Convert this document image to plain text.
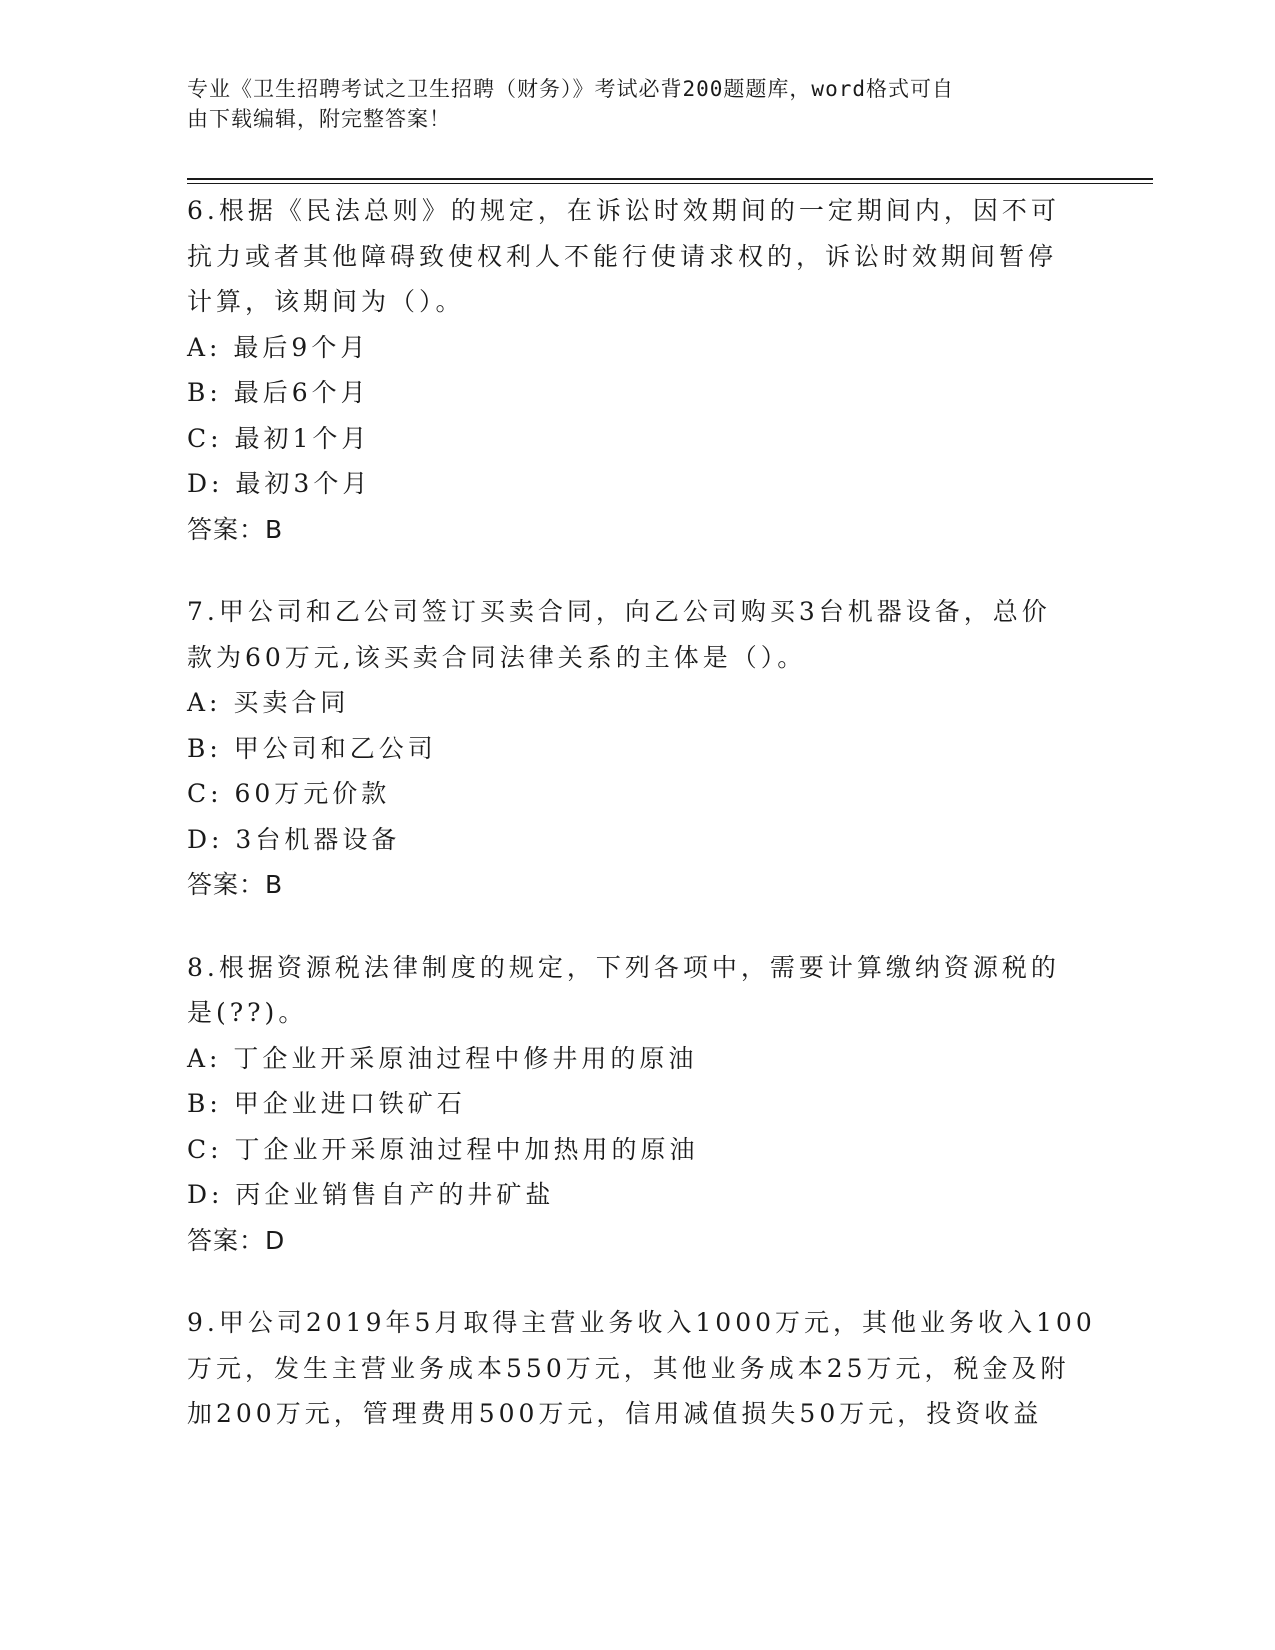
专业《卫生招聘考试之卫生招聘（财务）》考试必背200题题库，word格式可自
由下载编辑，附完整答案！
6.根据《民法总则》的规定，在诉讼时效期间的一定期间内，因不可
抗力或者其他障碍致使权利人不能行使请求权的，诉讼时效期间暂停
计算，该期间为（）。
A: 最后9个月
B: 最后6个月
C: 最初1个月
D: 最初3个月
答案：B
7.甲公司和乙公司签订买卖合同，向乙公司购买3台机器设备，总价
款为60万元,该买卖合同法律关系的主体是（）。
A: 买卖合同
B: 甲公司和乙公司
C: 60万元价款
D: 3台机器设备
答案：B
8.根据资源税法律制度的规定，下列各项中，需要计算缴纳资源税的
是(??)。
A: 丁企业开采原油过程中修井用的原油
B: 甲企业进口铁矿石
C: 丁企业开采原油过程中加热用的原油
D: 丙企业销售自产的井矿盐
答案：D
9.甲公司2019年5月取得主营业务收入1000万元，其他业务收入100
万元，发生主营业务成本550万元，其他业务成本25万元，税金及附
加200万元，管理费用500万元，信用减值损失50万元，投资收益
